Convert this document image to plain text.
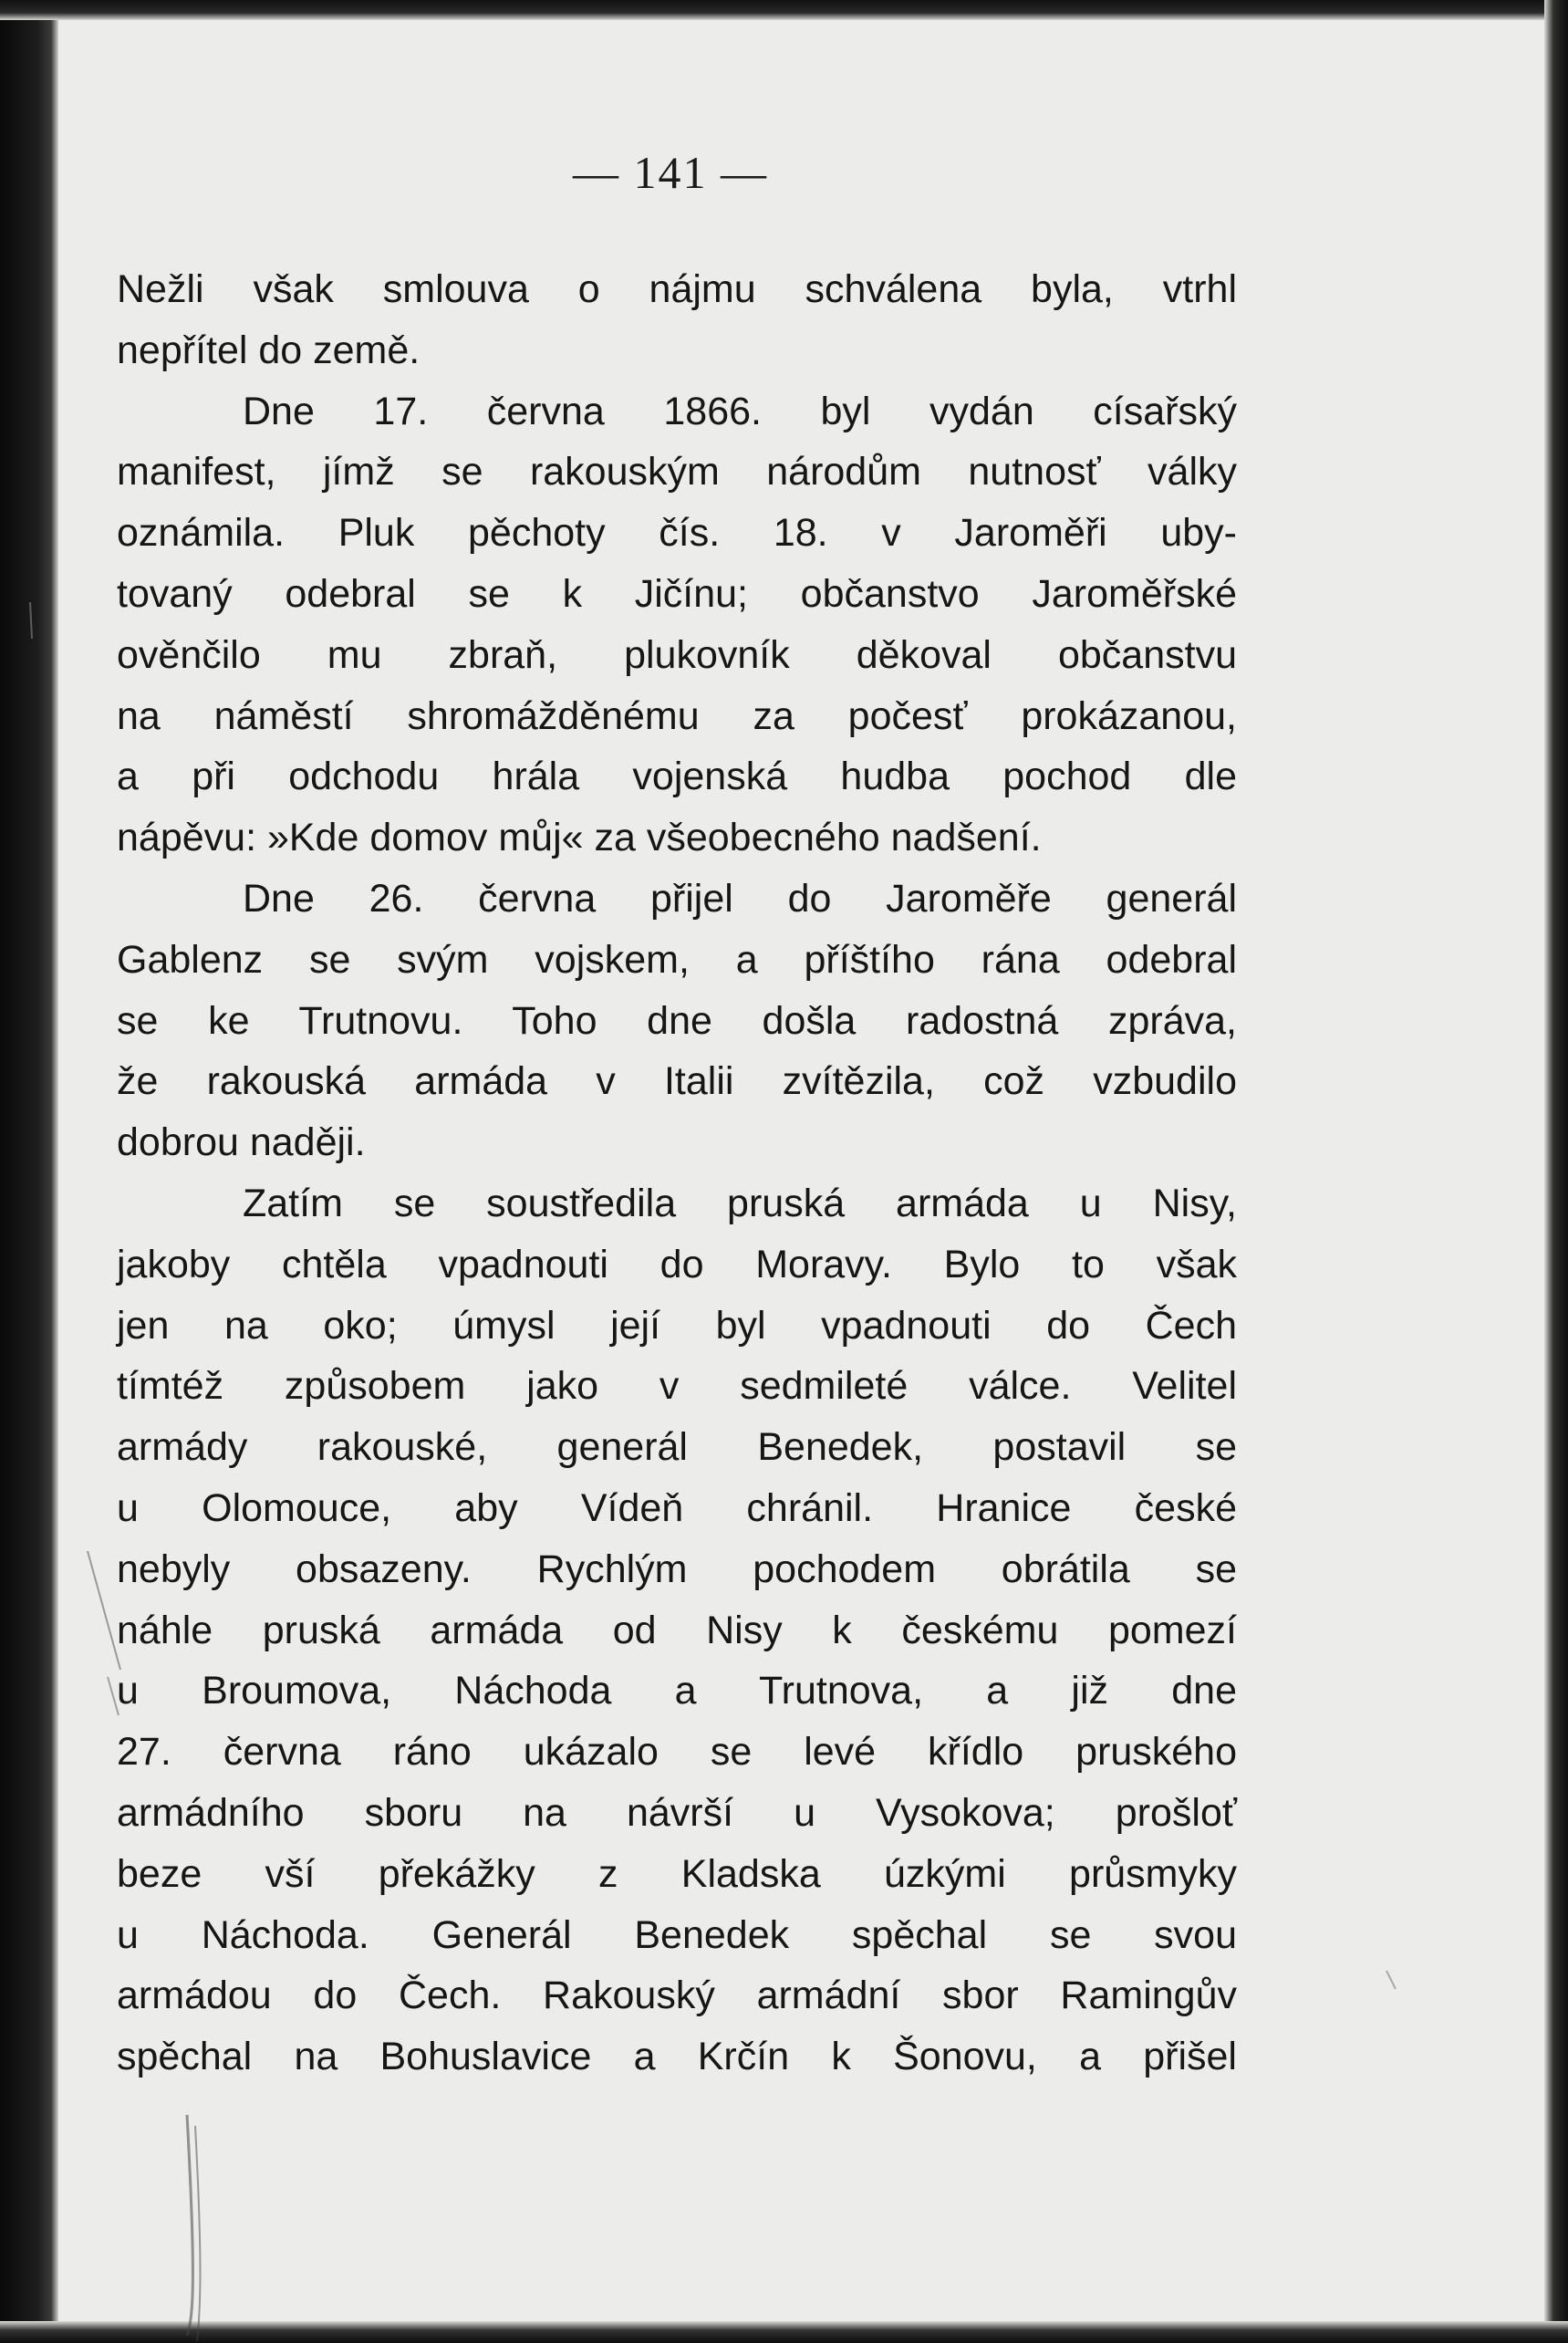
— 141 —
Nežli však smlouva o nájmu schválena byla, vtrhl
nepřítel do země.
Dne 17. června 1866. byl vydán císařský
manifest, jímž se rakouským národům nutnosť války
oznámila. Pluk pěchoty čís. 18. v Jaroměři uby-
tovaný odebral se k Jičínu; občanstvo Jaroměřské
ověnčilo mu zbraň, plukovník děkoval občanstvu
na náměstí shromážděnému za počesť prokázanou,
a při odchodu hrála vojenská hudba pochod dle
nápěvu: »Kde domov můj« za všeobecného nadšení.
Dne 26. června přijel do Jaroměře generál
Gablenz se svým vojskem, a příštího rána odebral
se ke Trutnovu. Toho dne došla radostná zpráva,
že rakouská armáda v Italii zvítězila, což vzbudilo
dobrou naději.
Zatím se soustředila pruská armáda u Nisy,
jakoby chtěla vpadnouti do Moravy. Bylo to však
jen na oko; úmysl její byl vpadnouti do Čech
tímtéž způsobem jako v sedmileté válce. Velitel
armády rakouské, generál Benedek, postavil se
u Olomouce, aby Vídeň chránil. Hranice české
nebyly obsazeny. Rychlým pochodem obrátila se
náhle pruská armáda od Nisy k českému pomezí
u Broumova, Náchoda a Trutnova, a již dne
27. června ráno ukázalo se levé křídlo pruského
armádního sboru na návrší u Vysokova; prošloť
beze vší překážky z Kladska úzkými průsmyky
u Náchoda. Generál Benedek spěchal se svou
armádou do Čech. Rakouský armádní sbor Ramingův
spěchal na Bohuslavice a Krčín k Šonovu, a přišel
